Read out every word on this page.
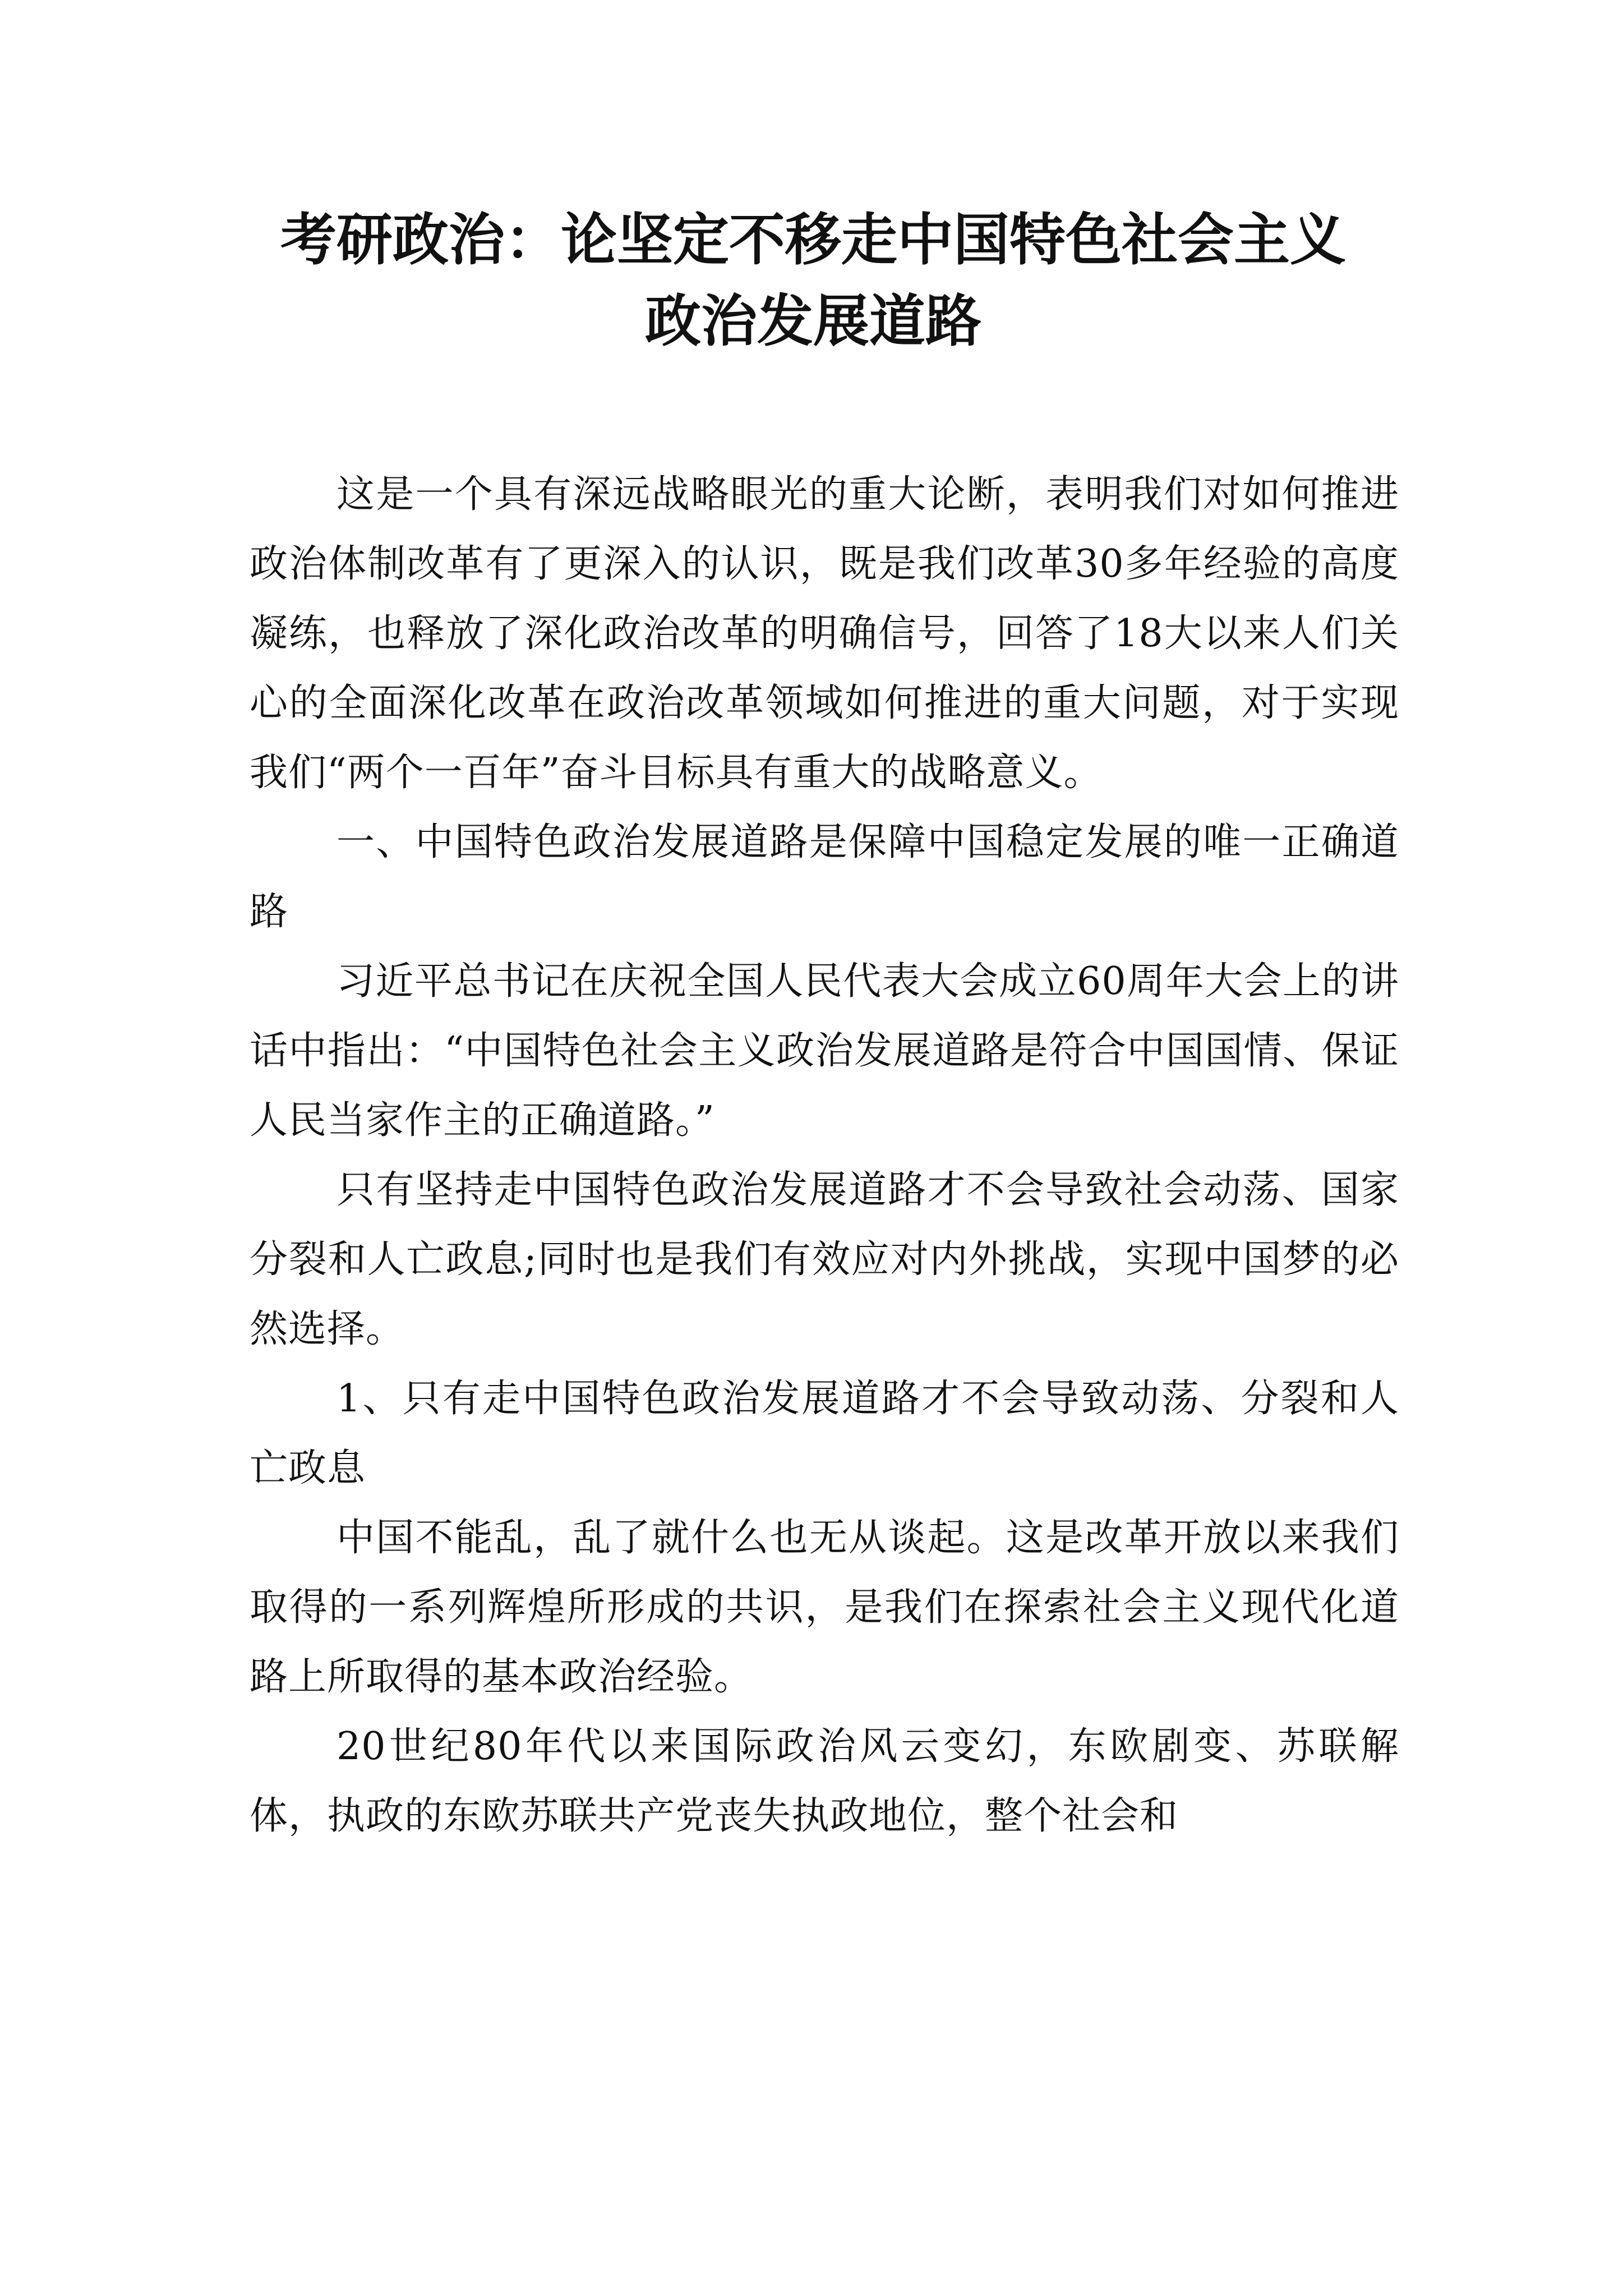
考研政治：论坚定不移走中国特色社会主义
政治发展道路

这是一个具有深远战略眼光的重大论断，表明我们对如何推进政治体制改革有了更深入的认识，既是我们改革30多年经验的高度凝练，也释放了深化政治改革的明确信号，回答了18大以来人们关心的全面深化改革在政治改革领域如何推进的重大问题，对于实现我们“两个一百年”奋斗目标具有重大的战略意义。

一、中国特色政治发展道路是保障中国稳定发展的唯一正确道路

习近平总书记在庆祝全国人民代表大会成立60周年大会上的讲话中指出：“中国特色社会主义政治发展道路是符合中国国情、保证人民当家作主的正确道路。”

只有坚持走中国特色政治发展道路才不会导致社会动荡、国家分裂和人亡政息;同时也是我们有效应对内外挑战，实现中国梦的必然选择。

1、只有走中国特色政治发展道路才不会导致动荡、分裂和人亡政息

中国不能乱，乱了就什么也无从谈起。这是改革开放以来我们取得的一系列辉煌所形成的共识，是我们在探索社会主义现代化道路上所取得的基本政治经验。

20世纪80年代以来国际政治风云变幻，东欧剧变、苏联解体，执政的东欧苏联共产党丧失执政地位，整个社会和
